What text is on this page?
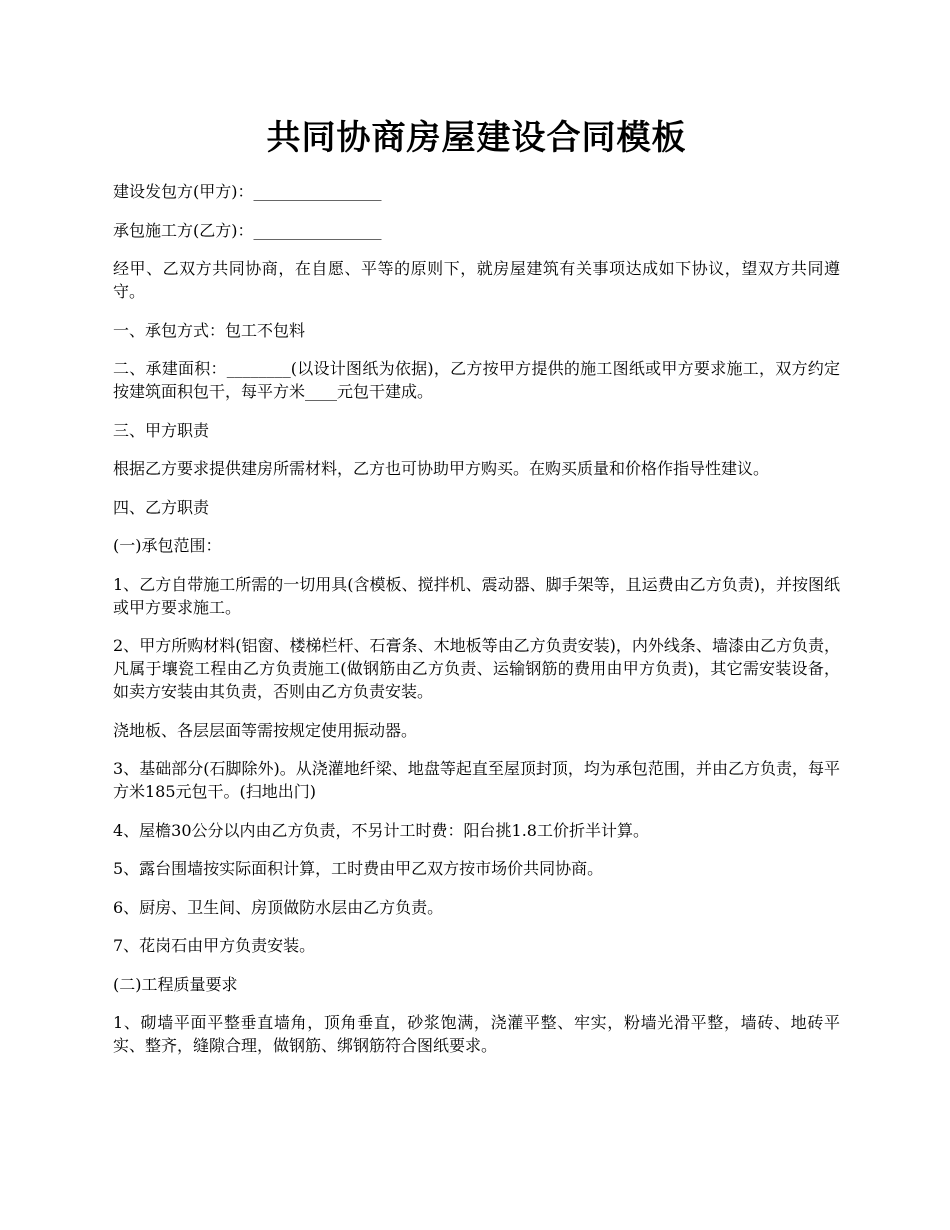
共同协商房屋建设合同模板

建设发包方(甲方)：________________

承包施工方(乙方)：________________

经甲、乙双方共同协商，在自愿、平等的原则下，就房屋建筑有关事项达成如下协议，望双方共同遵守。

一、承包方式：包工不包料

二、承建面积：________(以设计图纸为依据)，乙方按甲方提供的施工图纸或甲方要求施工，双方约定按建筑面积包干，每平方米____元包干建成。

三、甲方职责

根据乙方要求提供建房所需材料，乙方也可协助甲方购买。在购买质量和价格作指导性建议。

四、乙方职责

(一)承包范围：

1、乙方自带施工所需的一切用具(含模板、搅拌机、震动器、脚手架等，且运费由乙方负责)，并按图纸或甲方要求施工。

2、甲方所购材料(铝窗、楼梯栏杆、石膏条、木地板等由乙方负责安装)，内外线条、墙漆由乙方负责，凡属于壤瓷工程由乙方负责施工(做钢筋由乙方负责、运输钢筋的费用由甲方负责)，其它需安装设备，如卖方安装由其负责，否则由乙方负责安装。

浇地板、各层层面等需按规定使用振动器。

3、基础部分(石脚除外)。从浇灌地纤梁、地盘等起直至屋顶封顶，均为承包范围，并由乙方负责，每平方米185元包干。(扫地出门)

4、屋檐30公分以内由乙方负责，不另计工时费：阳台挑1.8工价折半计算。

5、露台围墙按实际面积计算，工时费由甲乙双方按市场价共同协商。

6、厨房、卫生间、房顶做防水层由乙方负责。

7、花岗石由甲方负责安装。

(二)工程质量要求

1、砌墙平面平整垂直墙角，顶角垂直，砂浆饱满，浇灌平整、牢实，粉墙光滑平整，墙砖、地砖平实、整齐，缝隙合理，做钢筋、绑钢筋符合图纸要求。
